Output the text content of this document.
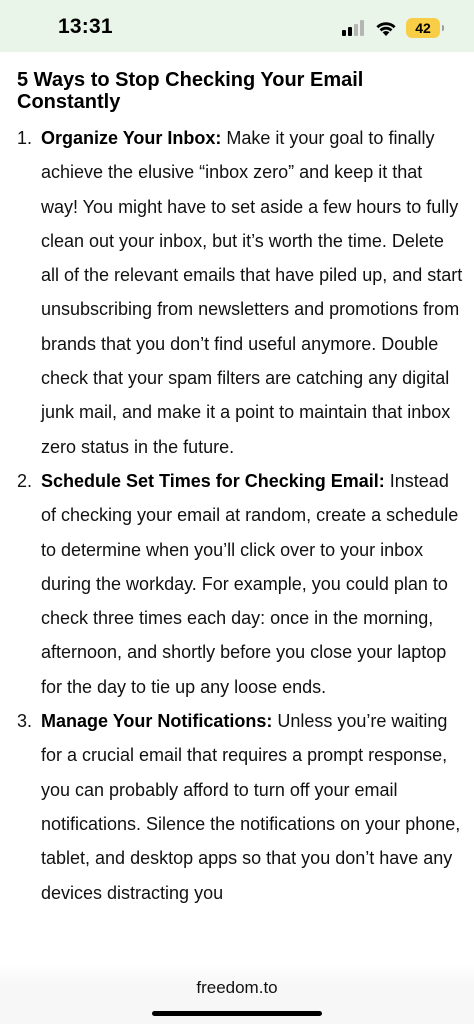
13:31	42
5 Ways to Stop Checking Your Email Constantly
1. Organize Your Inbox: Make it your goal to finally achieve the elusive “inbox zero” and keep it that way! You might have to set aside a few hours to fully clean out your inbox, but it’s worth the time. Delete all of the relevant emails that have piled up, and start unsubscribing from newsletters and promotions from brands that you don’t find useful anymore. Double check that your spam filters are catching any digital junk mail, and make it a point to maintain that inbox zero status in the future.
2. Schedule Set Times for Checking Email: Instead of checking your email at random, create a schedule to determine when you’ll click over to your inbox during the workday. For example, you could plan to check three times each day: once in the morning, afternoon, and shortly before you close your laptop for the day to tie up any loose ends.
3. Manage Your Notifications: Unless you’re waiting for a crucial email that requires a prompt response, you can probably afford to turn off your email notifications. Silence the notifications on your phone, tablet, and desktop apps so that you don’t have any devices distracting you
freedom.to
